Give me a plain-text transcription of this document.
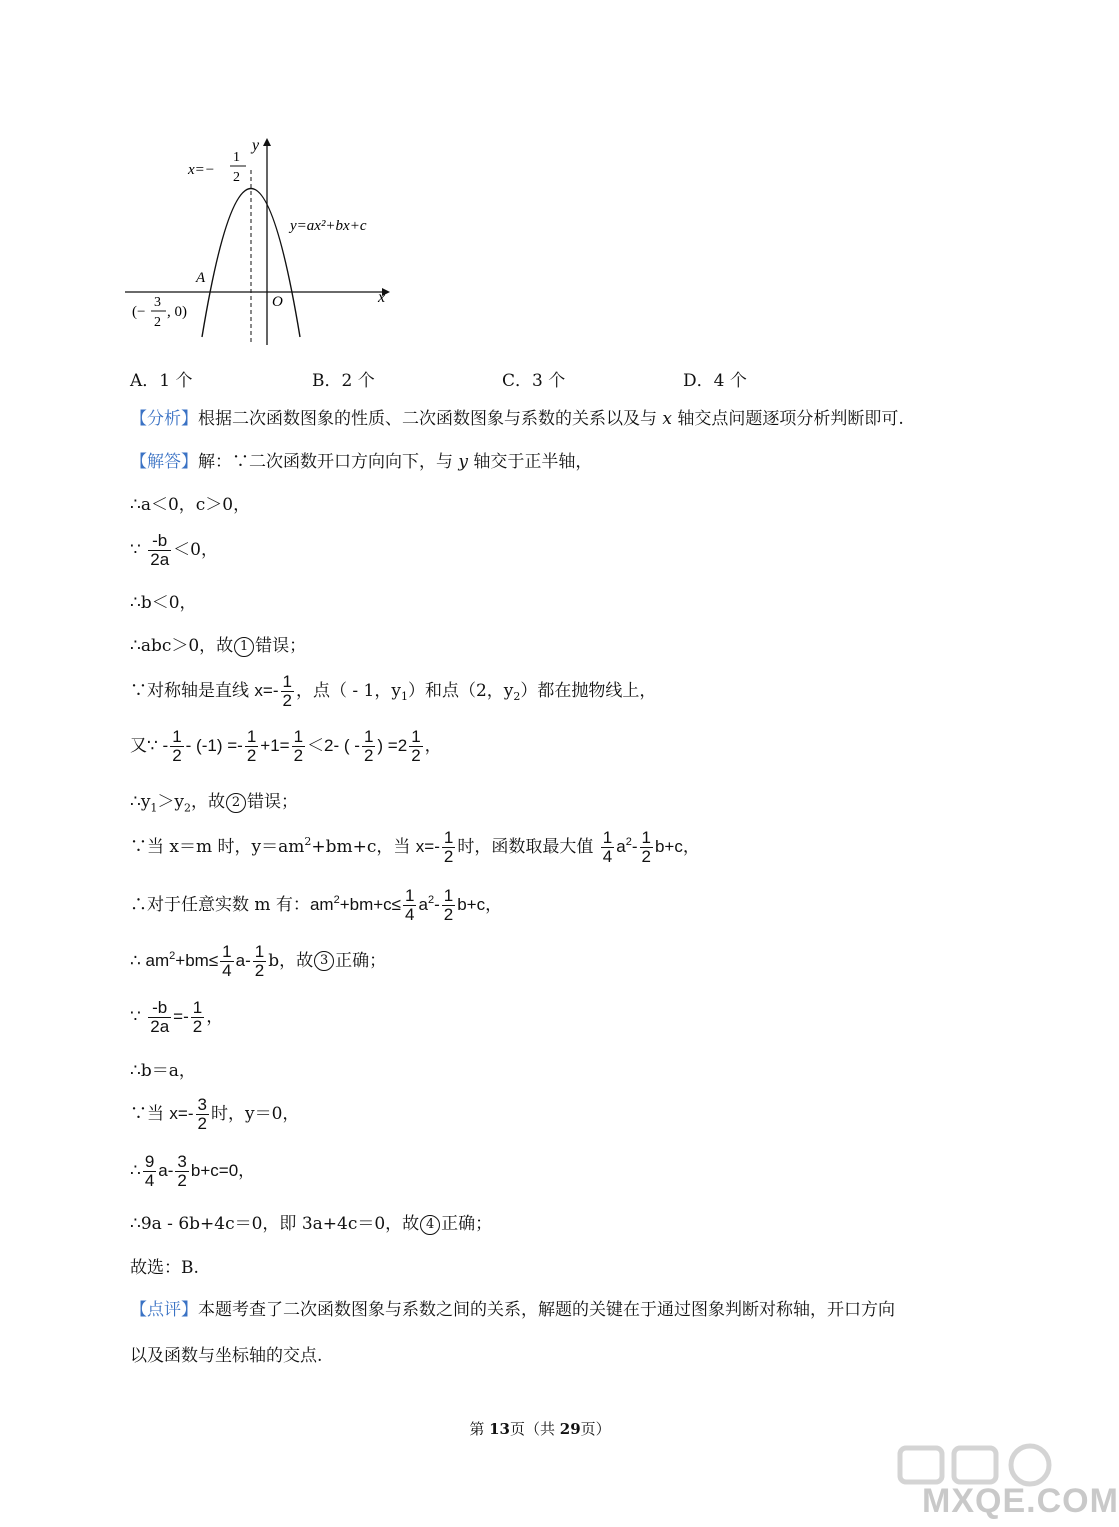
x
y
O
A
x=−
1
2
y=ax²+bx+c
(−
3
2
, 0)
A．1 个	B．2 个	C．3 个	D．4 个
【分析】根据二次函数图象的性质、二次函数图象与系数的关系以及与 x 轴交点问题逐项分析判断即可.
【解答】解：∵二次函数开口方向向下，与 y 轴交于正半轴，
∴a＜0，c＞0，
∵ $\frac{-b}{2a} <0$，
∴b＜0，
∴abc＞0，故 1 错误；
∵对称轴是直线 $x=- \frac{1}{2}$ ，点（ - 1，$y_1$）和点（2，$y_2$）都在抛物线上，
又∵ - $\frac{1}{2} - (-1) =- \frac{1}{2} +1= \frac{1}{2} <2-$ ( - $\frac{1}{2}$ ) $=2 \frac{1}{2}$ ，
$\therefore y_1>y_2$，故 2 错误；
∵当 x＝m 时，$y=am^2+bm+c$，当 $x=- \frac{1}{2}$ 时，函数取最大值 $\frac{1}{4} a^2- \frac{1}{2} b+c$，
∴对于任意实数 m 有：$am^2+bm+c\le \frac{1}{4} a^2- \frac{1}{2} b+c$，
∴ $am^2+bm\le \frac{1}{4} a- \frac{1}{2}$ b，故 3 正确；
∵ $\frac{-b}{2a} =- \frac{1}{2}$ ，
∴b＝a，
∵当 $x=- \frac{3}{2}$ 时，y＝0，
∴ $\frac{9}{4} a- \frac{3}{2} b+c=0$，
∴9a - 6b+4c＝0，即 3a+4c＝0，故 4 正确；
故选：B.
【点评】本题考查了二次函数图象与系数之间的关系，解题的关键在于通过图象判断对称轴，开口方向
以及函数与坐标轴的交点.
第 13页（共 29页）
MXQE.COM
